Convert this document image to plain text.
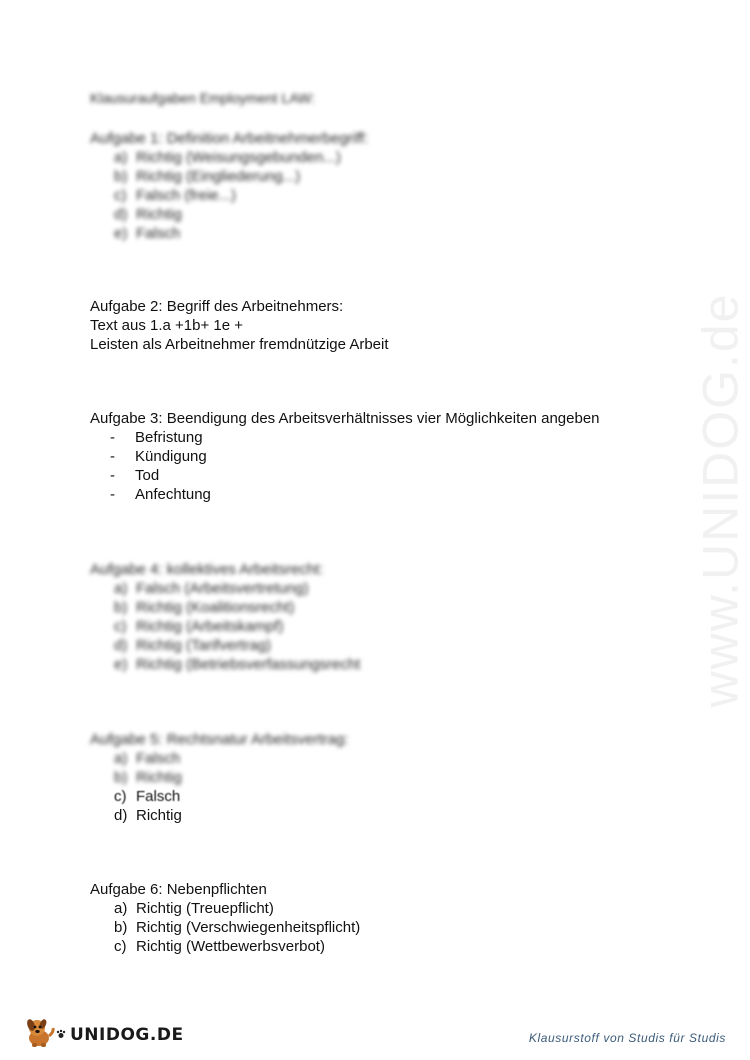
www.UNIDOG.de
Klausuraufgaben Employment LAW:
Aufgabe 1: Definition Arbeitnehmerbegriff:
a) Richtig (Weisungsgebunden...)
b) Richtig (Eingliederung...)
c) Falsch (freie...)
d) Richtig
e) Falsch
Aufgabe 2: Begriff des Arbeitnehmers:
Text aus 1.a +1b+ 1e +
Leisten als Arbeitnehmer fremdnützige Arbeit
Aufgabe 3: Beendigung des Arbeitsverhältnisses vier Möglichkeiten angeben
-	Befristung
-	Kündigung
-	Tod
-	Anfechtung
Aufgabe 4: kollektives Arbeitsrecht:
a) Falsch (Arbeitsvertretung)
b) Richtig (Koalitionsrecht)
c) Richtig (Arbeitskampf)
d) Richtig (Tarifvertrag)
e) Richtig (Betriebsverfassungsrecht
Aufgabe 5: Rechtsnatur Arbeitsvertrag:
a) Falsch
b) Richtig
c) Falsch
d) Richtig
Aufgabe 6: Nebenpflichten
a) Richtig (Treuepflicht)
b) Richtig (Verschwiegenheitspflicht)
c) Richtig (Wettbewerbsverbot)
UNIDOG.DE	Klausurstoff von Studis für Studis
